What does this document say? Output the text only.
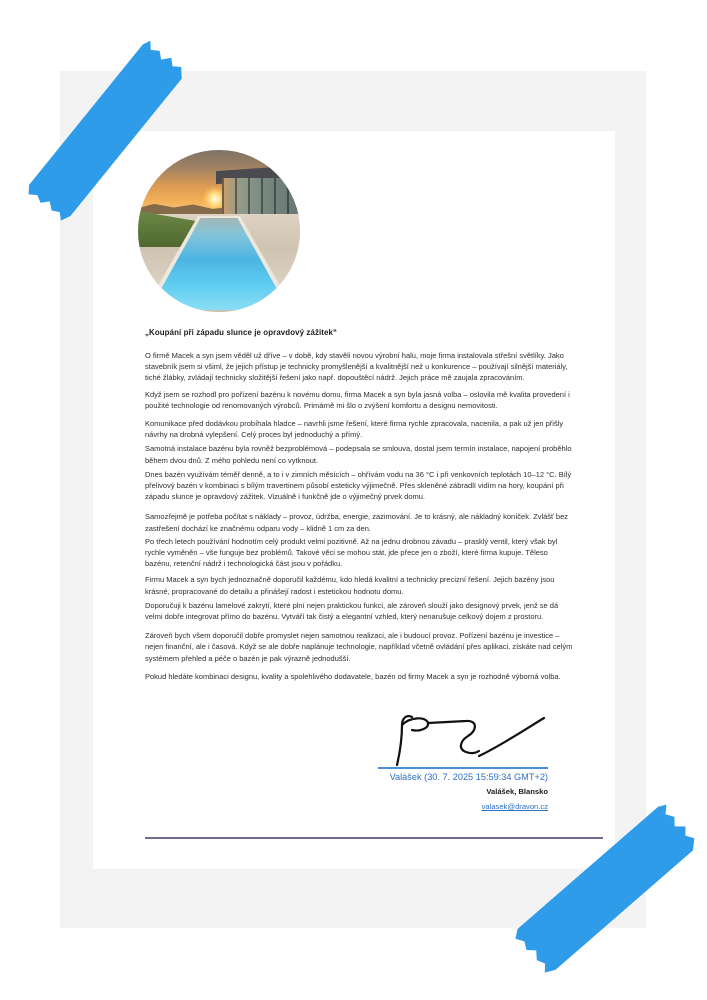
„Koupání při západu slunce je opravdový zážitek“

O firmě Macek a syn jsem věděl už dříve – v době, kdy stavěli novou výrobní halu, moje firma instalovala střešní světlíky. Jako stavebník jsem si všiml, že jejich přístup je technicky promyšlenější a kvalitnější než u konkurence – používají silnější materiály, tiché žlábky, zvládají technicky složitější řešení jako např. dopouštěcí nádrž. Jejich práce mě zaujala zpracováním.

Když jsem se rozhodl pro pořízení bazénu k novému domu, firma Macek a syn byla jasná volba – oslovila mě kvalita provedení i použité technologie od renomovaných výrobců. Primárně mi šlo o zvýšení komfortu a designu nemovitosti.

Komunikace před dodávkou probíhala hladce – navrhli jsme řešení, které firma rychle zpracovala, nacenila, a pak už jen přišly návrhy na drobná vylepšení. Celý proces byl jednoduchý a přímý.

Samotná instalace bazénu byla rovněž bezproblémová – podepsala se smlouva, dostal jsem termín instalace, napojení proběhlo během dvou dnů. Z mého pohledu není co vytknout.

Dnes bazén využívám téměř denně, a to i v zimních měsících – ohřívám vodu na 36 °C i při venkovních teplotách 10–12 °C. Bílý přelivový bazén v kombinaci s bílým travertinem působí esteticky výjimečně. Přes skleněné zábradlí vidím na hory, koupání při západu slunce je opravdový zážitek. Vizuálně i funkčně jde o výjimečný prvek domu.

Samozřejmě je potřeba počítat s náklady – provoz, údržba, energie, zazimování. Je to krásný, ale nákladný koníček. Zvlášť bez zastřešení dochází ke značnému odparu vody – klidně 1 cm za den.

Po třech letech používání hodnotím celý produkt velmi pozitivně. Až na jednu drobnou závadu – prasklý ventil, který však byl rychle vyměněn – vše funguje bez problémů. Takové věci se mohou stát, jde přece jen o zboží, které firma kupuje. Těleso bazénu, retenční nádrž i technologická část jsou v pořádku.

Firmu Macek a syn bych jednoznačně doporučil každému, kdo hledá kvalitní a technicky precizní řešení. Jejich bazény jsou krásné, propracované do detailu a přinášejí radost i estetickou hodnotu domu.

Doporučuji k bazénu lamelové zakrytí, které plní nejen praktickou funkci, ale zároveň slouží jako designový prvek, jenž se dá velmi dobře integrovat přímo do bazénu. Vytváří tak čistý a elegantní vzhled, který nenarušuje celkový dojem z prostoru.

Zároveň bych všem doporučil dobře promyslet nejen samotnou realizaci, ale i budoucí provoz. Pořízení bazénu je investice – nejen finanční, ale i časová. Když se ale dobře naplánuje technologie, například včetně ovládání přes aplikaci, získáte nad celým systémem přehled a péče o bazén je pak výrazně jednodušší.

Pokud hledáte kombinaci designu, kvality a spolehlivého dodavatele, bazén od firmy Macek a syn je rozhodně výborná volba.

Valášek (30. 7. 2025 15:59:34 GMT+2)
Valášek, Blansko
valasek@dravon.cz
